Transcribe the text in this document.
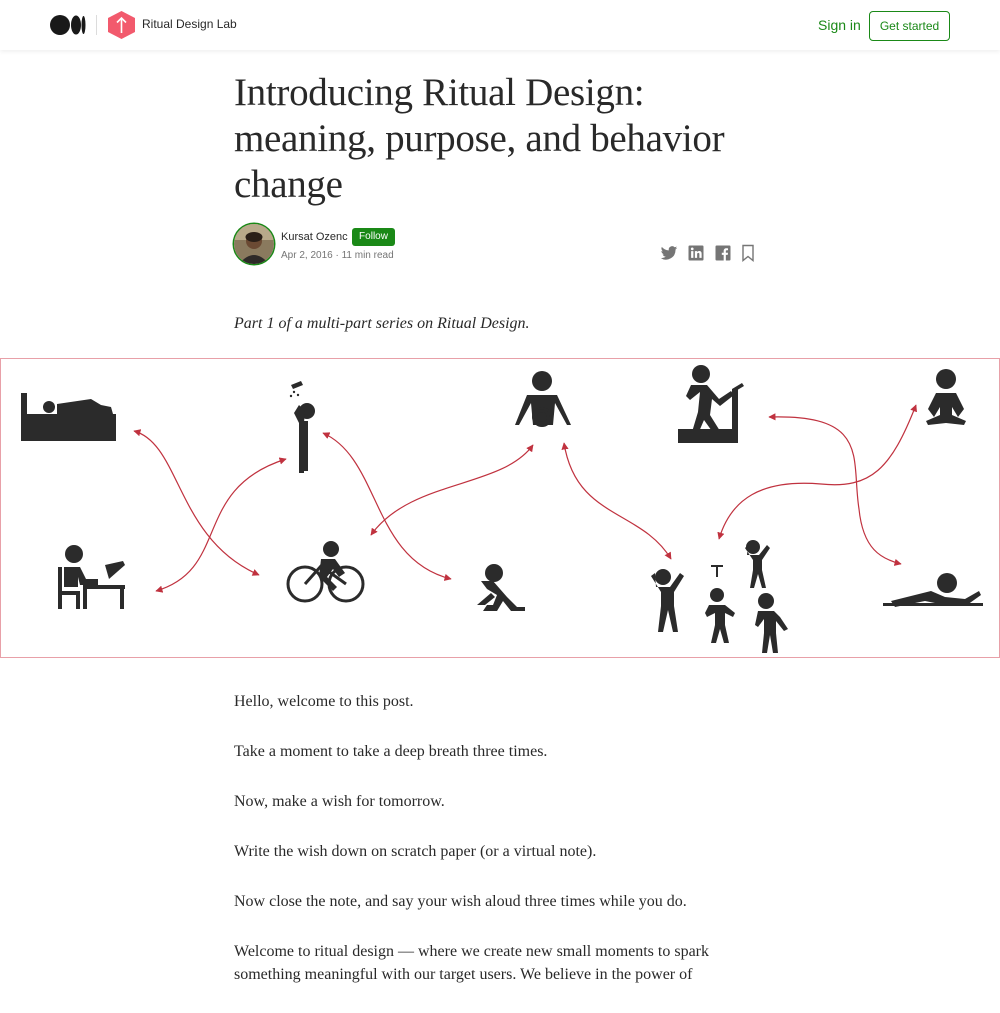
Ritual Design Lab	Sign in	Get started
Introducing Ritual Design: meaning, purpose, and behavior change
Kursat Ozenc	Follow
Apr 2, 2016 · 11 min read

Part 1 of a multi-part series on Ritual Design.

Hello, welcome to this post.

Take a moment to take a deep breath three times.

Now, make a wish for tomorrow.

Write the wish down on scratch paper (or a virtual note).

Now close the note, and say your wish aloud three times while you do.

Welcome to ritual design — where we create new small moments to spark something meaningful with our target users. We believe in the power of
